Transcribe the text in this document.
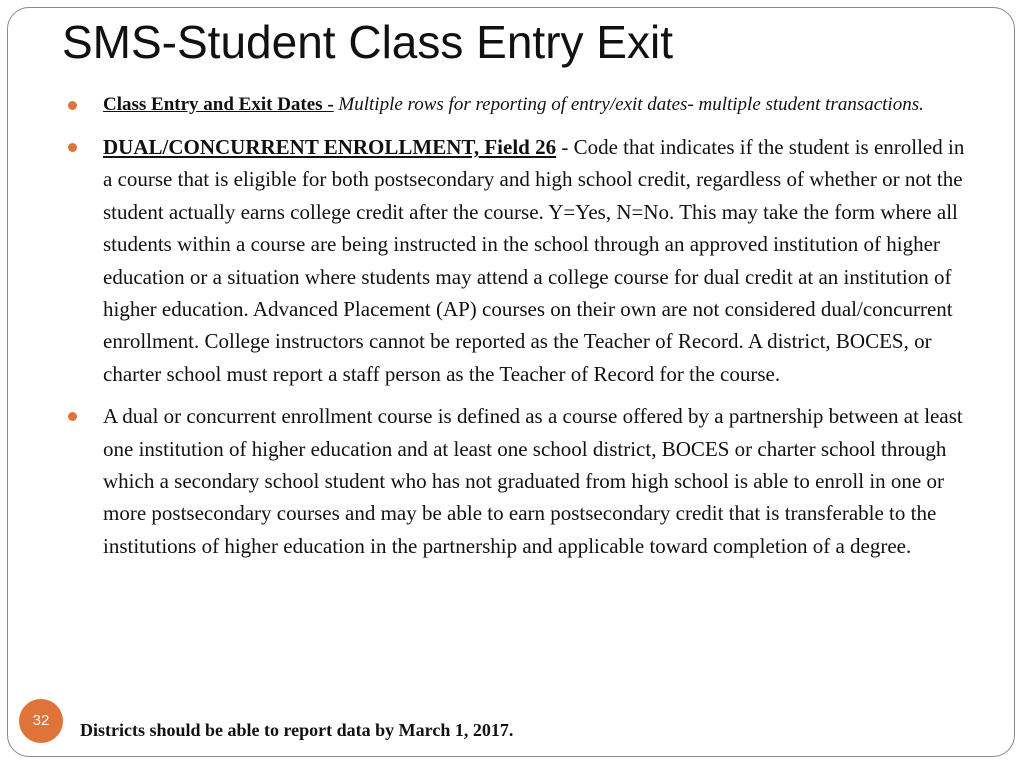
SMS-Student Class Entry Exit
Class Entry and Exit Dates - Multiple rows for reporting of entry/exit dates- multiple student transactions.
DUAL/CONCURRENT ENROLLMENT, Field 26 - Code that indicates if the student is enrolled in a course that is eligible for both postsecondary and high school credit, regardless of whether or not the student actually earns college credit after the course. Y=Yes, N=No. This may take the form where all students within a course are being instructed in the school through an approved institution of higher education or a situation where students may attend a college course for dual credit at an institution of higher education. Advanced Placement (AP) courses on their own are not considered dual/concurrent enrollment. College instructors cannot be reported as the Teacher of Record. A district, BOCES, or charter school must report a staff person as the Teacher of Record for the course.
A dual or concurrent enrollment course is defined as a course offered by a partnership between at least one institution of higher education and at least one school district, BOCES or charter school through which a secondary school student who has not graduated from high school is able to enroll in one or more postsecondary courses and may be able to earn postsecondary credit that is transferable to the institutions of higher education in the partnership and applicable toward completion of a degree.
32	Districts should be able to report data by March 1, 2017.
